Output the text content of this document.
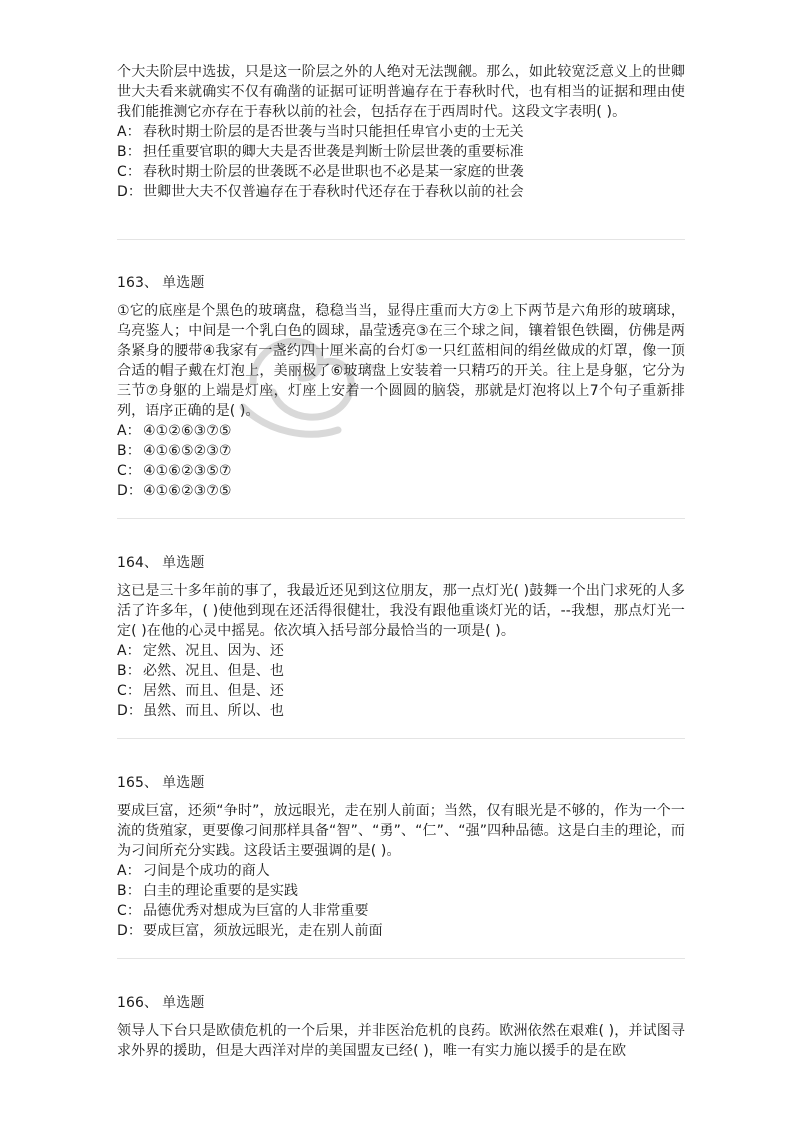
个大夫阶层中选拔，只是这一阶层之外的人绝对无法觊觎。那么，如此较宽泛意义上的世卿世大夫看来就确实不仅有确凿的证据可证明普遍存在于春秋时代，也有相当的证据和理由使我们能推测它亦存在于春秋以前的社会，包括存在于西周时代。这段文字表明( )。
A： 春秋时期士阶层的是否世袭与当时只能担任卑官小吏的士无关
B： 担任重要官职的卿大夫是否世袭是判断士阶层世袭的重要标准
C： 春秋时期士阶层的世袭既不必是世职也不必是某一家庭的世袭
D：世卿世大夫不仅普遍存在于春秋时代还存在于春秋以前的社会
163、 单选题
①它的底座是个黑色的玻璃盘，稳稳当当，显得庄重而大方②上下两节是六角形的玻璃球，乌亮鉴人；中间是一个乳白色的圆球，晶莹透亮③在三个球之间，镶着银色铁圈，仿佛是两条紧身的腰带④我家有一盏约四十厘米高的台灯⑤一只红蓝相间的绢丝做成的灯罩，像一顶合适的帽子戴在灯泡上，美丽极了⑥玻璃盘上安装着一只精巧的开关。往上是身躯，它分为三节⑦身躯的上端是灯座，灯座上安着一个圆圆的脑袋，那就是灯泡将以上7个句子重新排列，语序正确的是( )。
A： ④①②⑥③⑦⑤
B： ④①⑥⑤②③⑦
C： ④①⑥②③⑤⑦
D：④①⑥②③⑦⑤
164、 单选题
这已是三十多年前的事了，我最近还见到这位朋友，那一点灯光( )鼓舞一个出门求死的人多活了许多年，( )使他到现在还活得很健壮，我没有跟他重谈灯光的话，--我想，那点灯光一定( )在他的心灵中摇晃。依次填入括号部分最恰当的一项是( )。
A： 定然、况且、因为、还
B： 必然、况且、但是、也
C： 居然、而且、但是、还
D：虽然、而且、所以、也
165、 单选题
要成巨富，还须“争时”，放远眼光，走在别人前面；当然，仅有眼光是不够的，作为一个一流的货殖家，更要像刁间那样具备“智”、“勇”、“仁”、“强”四种品德。这是白圭的理论，而为刁间所充分实践。这段话主要强调的是( )。
A： 刁间是个成功的商人
B： 白圭的理论重要的是实践
C： 品德优秀对想成为巨富的人非常重要
D：要成巨富，须放远眼光，走在别人前面
166、 单选题
领导人下台只是欧债危机的一个后果，并非医治危机的良药。欧洲依然在艰难( )，并试图寻求外界的援助，但是大西洋对岸的美国盟友已经( )，唯一有实力施以援手的是在欧
